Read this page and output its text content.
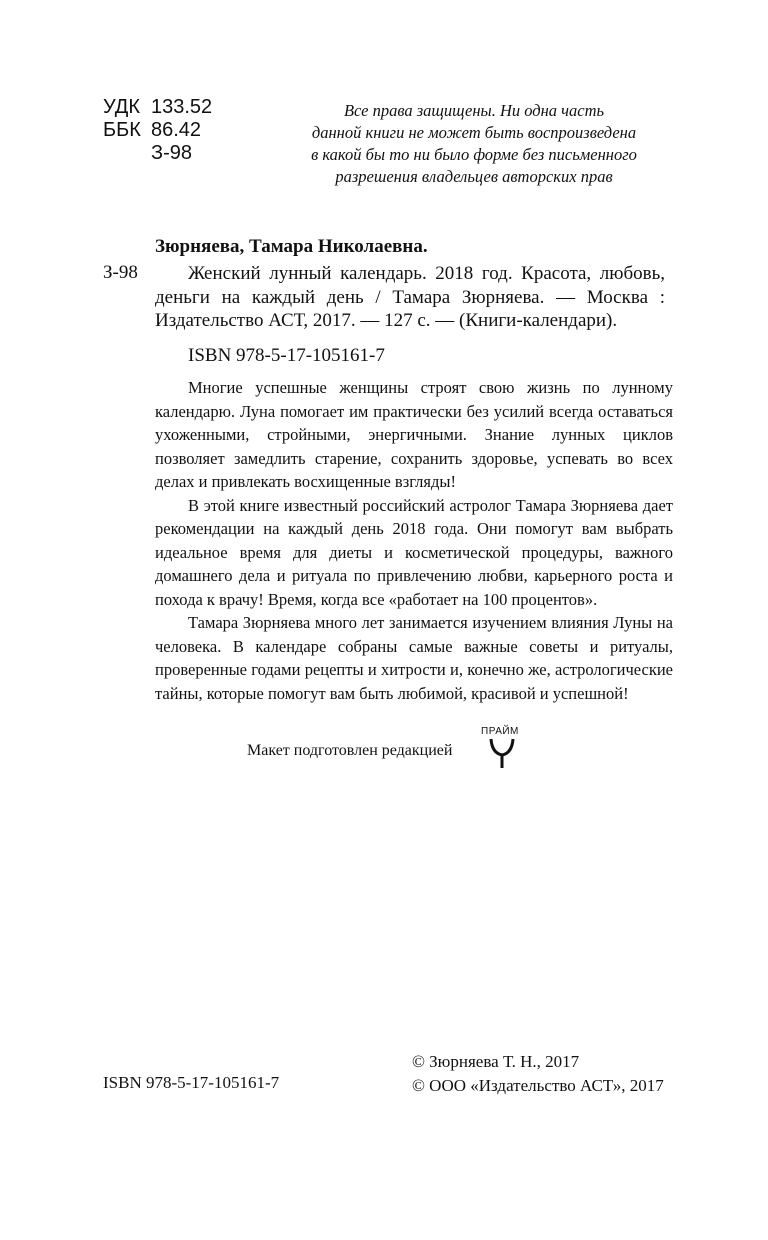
УДК 133.52
ББК 86.42
З-98
Все права защищены. Ни одна часть
данной книги не может быть воспроизведена
в какой бы то ни было форме без письменного
разрешения владельцев авторских прав
Зюрняева, Тамара Николаевна.
З-98	Женский лунный календарь. 2018 год. Красота, любовь, деньги на каждый день / Тамара Зюрняева. — Москва : Издательство АСТ, 2017. — 127 с. — (Книги-календари).
ISBN 978-5-17-105161-7

Многие успешные женщины строят свою жизнь по лунному календарю. Луна помогает им практически без усилий всегда оставаться ухоженными, стройными, энергичными. Знание лунных циклов позволяет замедлить старение, сохранить здоровье, успевать во всех делах и привлекать восхищенные взгляды!

В этой книге известный российский астролог Тамара Зюрняева дает рекомендации на каждый день 2018 года. Они помогут вам выбрать идеальное время для диеты и косметической процедуры, важного домашнего дела и ритуала по привлечению любви, карьерного роста и похода к врачу! Время, когда все «работает на 100 процентов».

Тамара Зюрняева много лет занимается изучением влияния Луны на человека. В календаре собраны самые важные советы и ритуалы, проверенные годами рецепты и хитрости и, конечно же, астрологические тайны, которые помогут вам быть любимой, красивой и успешной!

Макет подготовлен редакцией
ПРАЙМ
ISBN 978-5-17-105161-7
© Зюрняева Т. Н., 2017
© ООО «Издательство АСТ», 2017
